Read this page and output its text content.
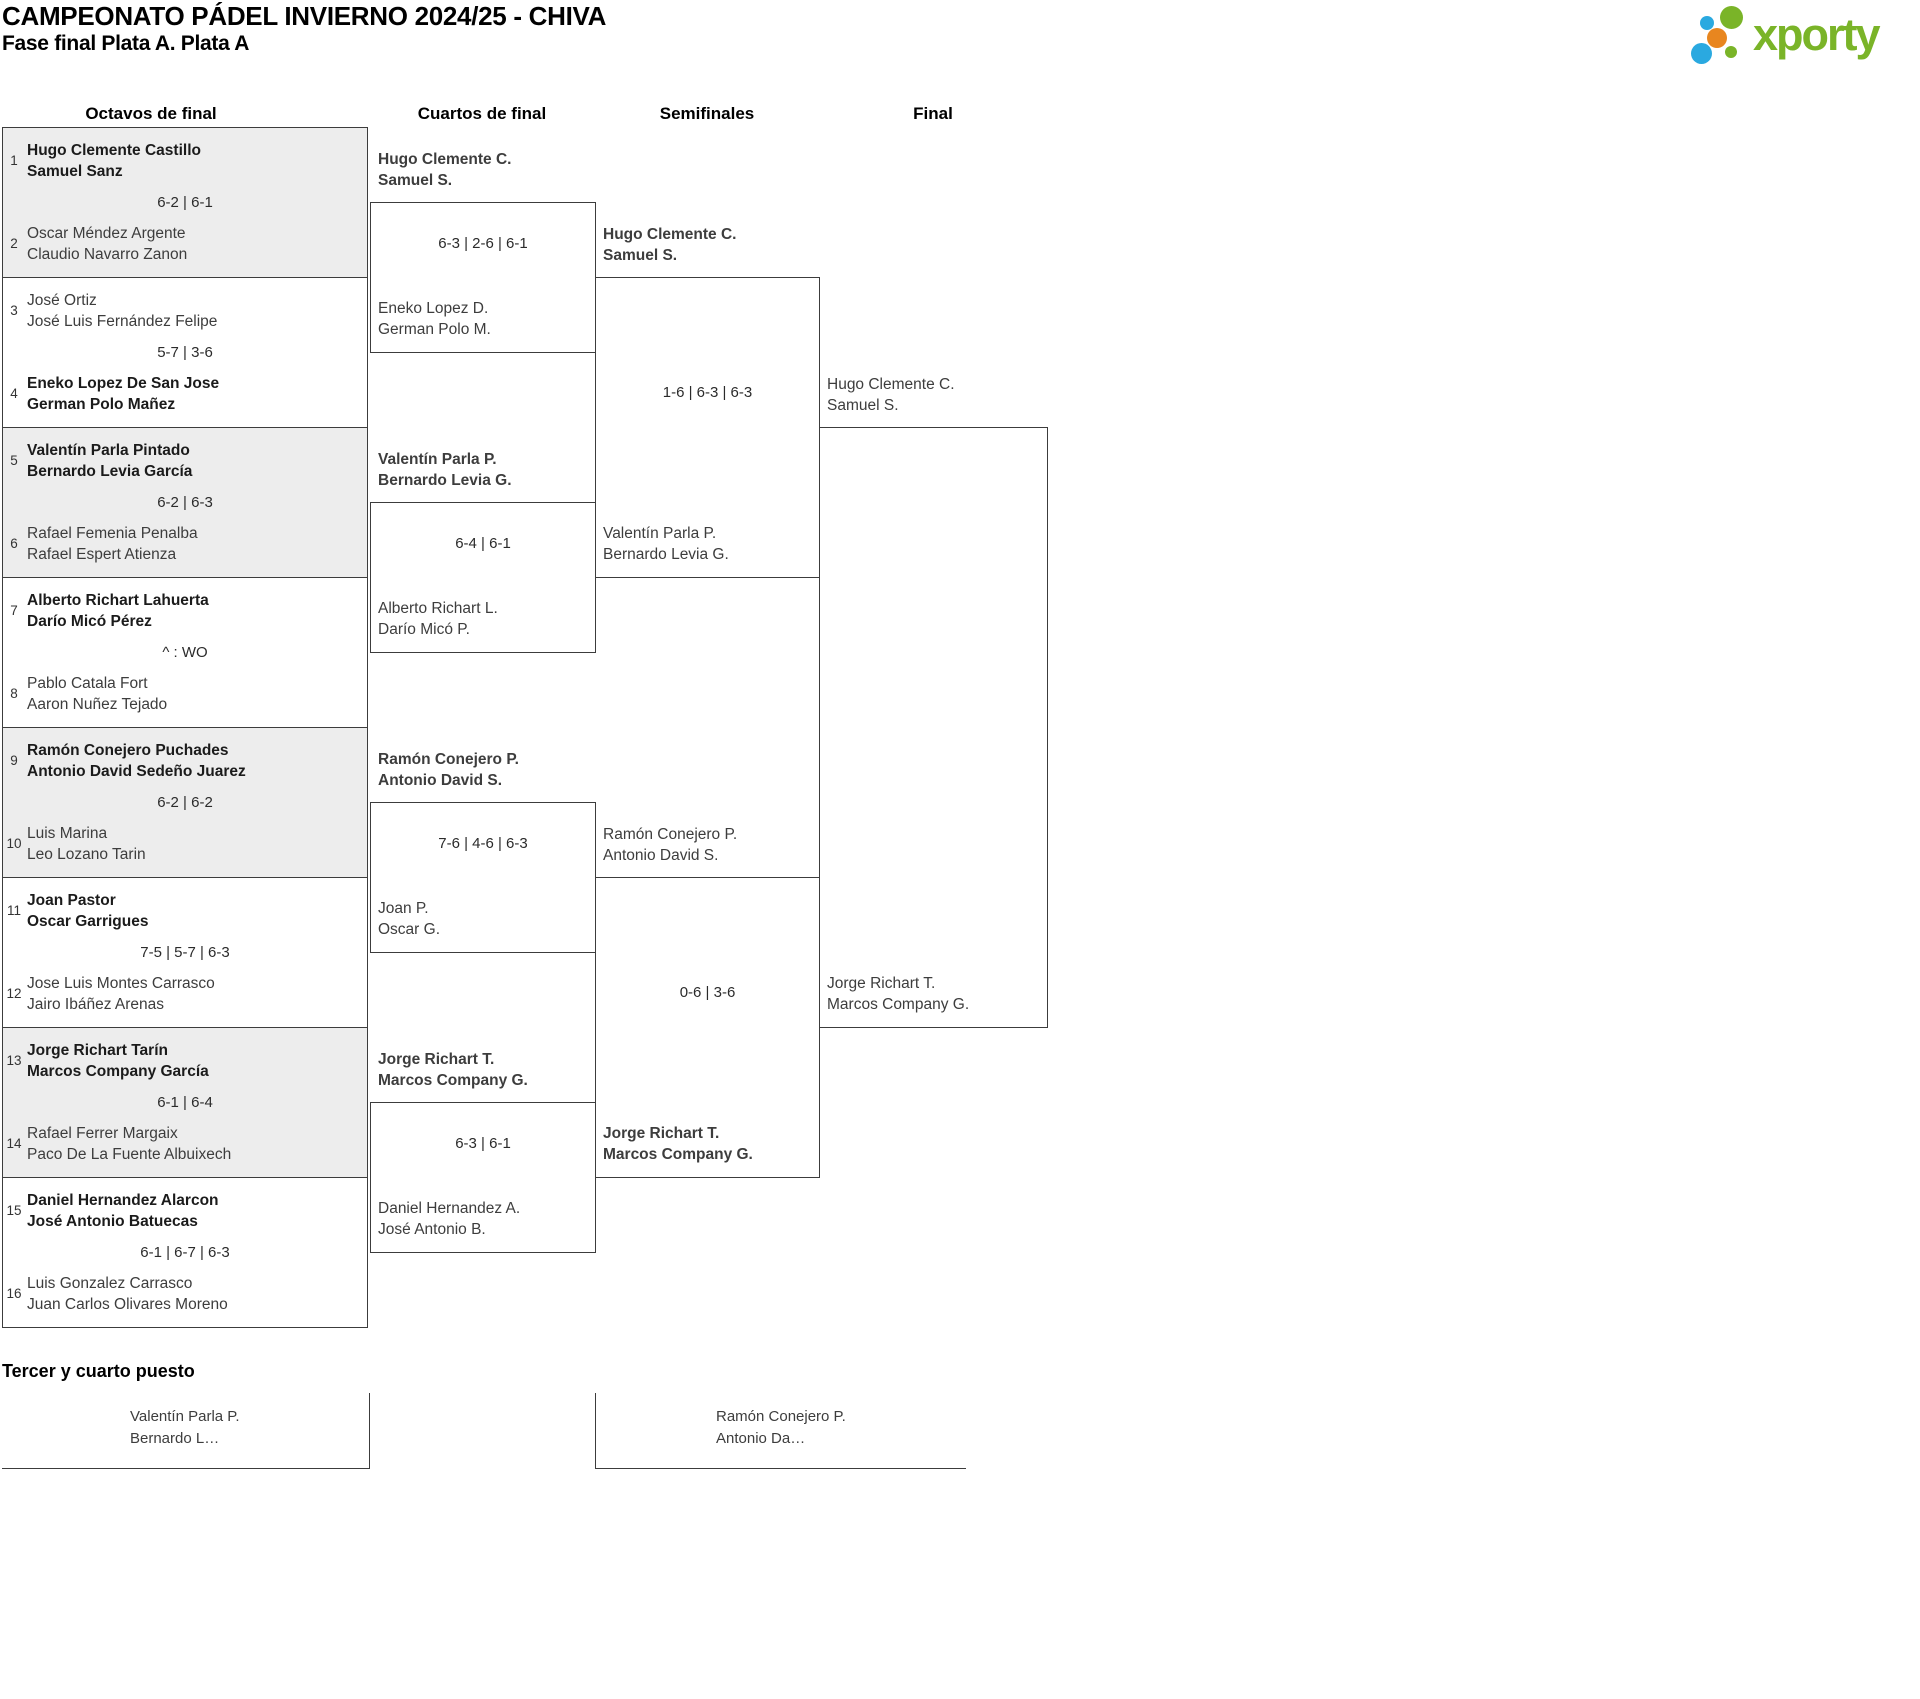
CAMPEONATO PÁDEL INVIERNO 2024/25 - CHIVA
Fase final Plata A. Plata A	xporty
Octavos de final	Cuartos de final	Semifinales	Final
1
Hugo Clemente Castillo
Samuel Sanz
6-2 | 6-1
2
Oscar Méndez Argente
Claudio Navarro Zanon
3
José Ortiz
José Luis Fernández Felipe
5-7 | 3-6
4
Eneko Lopez De San Jose
German Polo Mañez
5
Valentín Parla Pintado
Bernardo Levia García
6-2 | 6-3
6
Rafael Femenia Penalba
Rafael Espert Atienza
7
Alberto Richart Lahuerta
Darío Micó Pérez
^ : WO
8
Pablo Catala Fort
Aaron Nuñez Tejado
9
Ramón Conejero Puchades
Antonio David Sedeño Juarez
6-2 | 6-2
10
Luis Marina
Leo Lozano Tarin
11
Joan Pastor
Oscar Garrigues
7-5 | 5-7 | 6-3
12
Jose Luis Montes Carrasco
Jairo Ibáñez Arenas
13
Jorge Richart Tarín
Marcos Company García
6-1 | 6-4
14
Rafael Ferrer Margaix
Paco De La Fuente Albuixech
15
Daniel Hernandez Alarcon
José Antonio Batuecas
6-1 | 6-7 | 6-3
16
Luis Gonzalez Carrasco
Juan Carlos Olivares Moreno
Hugo Clemente C.
Samuel S.
6-3 | 2-6 | 6-1
Eneko Lopez D.
German Polo M.
Valentín Parla P.
Bernardo Levia G.
6-4 | 6-1
Alberto Richart L.
Darío Micó P.
Ramón Conejero P.
Antonio David S.
7-6 | 4-6 | 6-3
Joan P.
Oscar G.
Jorge Richart T.
Marcos Company G.
6-3 | 6-1
Daniel Hernandez A.
José Antonio B.
Hugo Clemente C.
Samuel S.
1-6 | 6-3 | 6-3
Valentín Parla P.
Bernardo Levia G.
Ramón Conejero P.
Antonio David S.
0-6 | 3-6
Jorge Richart T.
Marcos Company G.
Hugo Clemente C.
Samuel S.
Jorge Richart T.
Marcos Company G.
Tercer y cuarto puesto
Valentín Parla P.
Bernardo L…
Ramón Conejero P.
Antonio Da…
